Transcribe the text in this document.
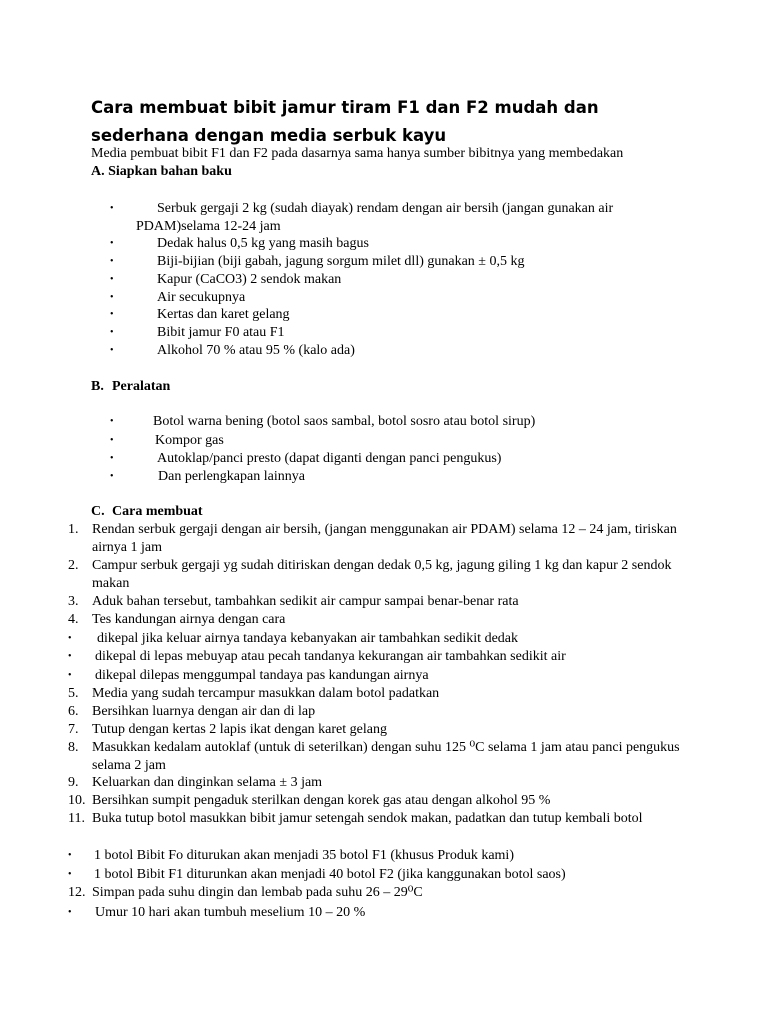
Cara membuat bibit jamur tiram F1 dan F2 mudah dan
sederhana dengan media serbuk kayu

Media pembuat bibit F1 dan F2 pada dasarnya sama hanya sumber bibitnya yang membedakan

A. Siapkan bahan baku
•	Serbuk gergaji 2 kg (sudah diayak) rendam dengan air bersih (jangan gunakan air PDAM)selama 12-24 jam
•	Dedak halus 0,5 kg yang masih bagus
•	Biji-bijian (biji gabah, jagung sorgum milet dll) gunakan ± 0,5 kg
•	Kapur (CaCO3) 2 sendok makan
•	Air secukupnya
•	Kertas dan karet gelang
•	Bibit jamur F0 atau F1
•	Alkohol 70 % atau 95 % (kalo ada)
B. Peralatan
•	Botol warna bening (botol saos sambal, botol sosro atau botol sirup)
•	Kompor gas
•	Autoklap/panci presto (dapat diganti dengan panci pengukus)
•	Dan perlengkapan lainnya
C. Cara membuat
1. Rendan serbuk gergaji dengan air bersih, (jangan menggunakan air PDAM) selama 12 – 24 jam, tiriskan airnya 1 jam
2. Campur serbuk gergaji yg sudah ditiriskan dengan dedak 0,5 kg, jagung giling 1 kg dan kapur 2 sendok makan
3. Aduk bahan tersebut, tambahkan sedikit air campur sampai benar-benar rata
4. Tes kandungan airnya dengan cara
•	dikepal jika keluar airnya tandaya kebanyakan air tambahkan sedikit dedak
•	dikepal di lepas mebuyap atau pecah tandanya kekurangan air tambahkan sedikit air
•	dikepal dilepas menggumpal tandaya pas kandungan airnya
5. Media yang sudah tercampur masukkan dalam botol padatkan
6. Bersihkan luarnya dengan air dan di lap
7. Tutup dengan kertas 2 lapis ikat dengan karet gelang
8. Masukkan kedalam autoklaf (untuk di seterilkan) dengan suhu 125 ⁰C selama 1 jam atau panci pengukus selama 2 jam
9. Keluarkan dan dinginkan selama ± 3 jam
10. Bersihkan sumpit pengaduk sterilkan dengan korek gas atau dengan alkohol 95 %
11. Buka tutup botol masukkan bibit jamur setengah sendok makan, padatkan dan tutup kembali botol
•	1 botol Bibit Fo diturukan akan menjadi 35 botol F1 (khusus Produk kami)
•	1 botol Bibit F1 diturunkan akan menjadi 40 botol F2 (jika kanggunakan botol saos)
12. Simpan pada suhu dingin dan lembab pada suhu 26 – 29⁰C
•	Umur 10 hari akan tumbuh meselium 10 – 20 %
